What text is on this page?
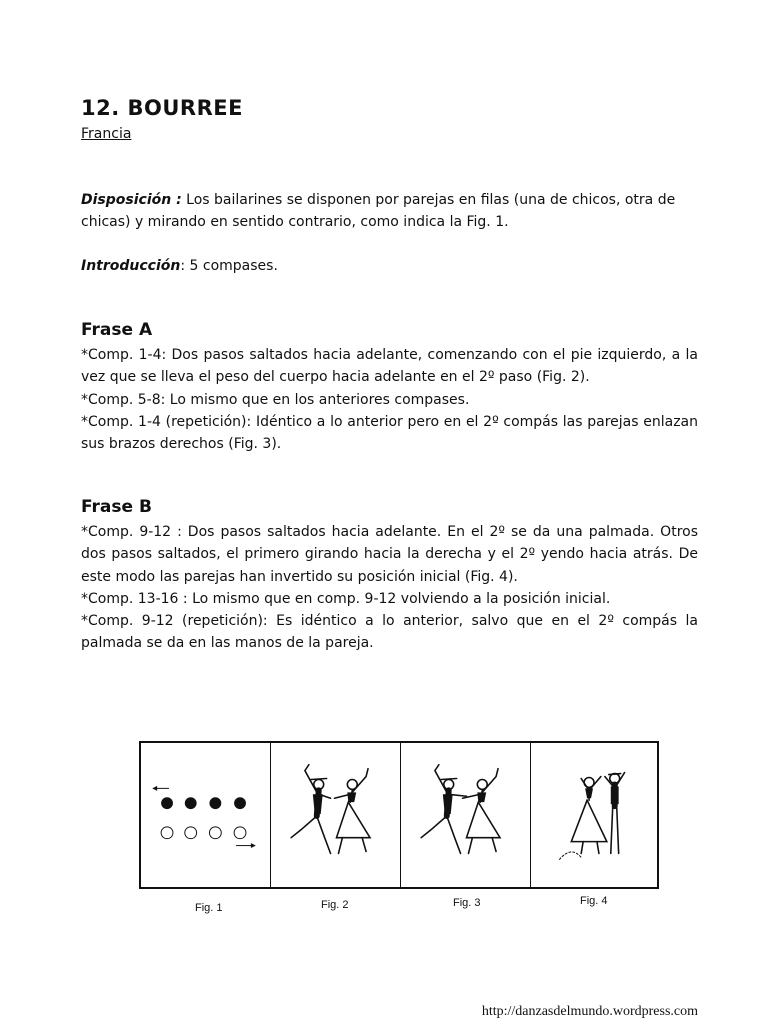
12. BOURREE
Francia

Disposición : Los bailarines se disponen por parejas en filas (una de chicos, otra de chicas) y mirando en sentido contrario, como indica la Fig. 1.

Introducción: 5 compases.

Frase A

*Comp. 1-4: Dos pasos saltados hacia adelante, comenzando con el pie izquierdo, a la vez que se lleva el peso del cuerpo hacia adelante en el 2º paso (Fig. 2).
*Comp. 5-8: Lo mismo que en los anteriores compases.
*Comp. 1-4 (repetición): Idéntico a lo anterior pero en el 2º compás las parejas enlazan sus brazos derechos (Fig. 3).

Frase B

*Comp. 9-12 : Dos pasos saltados hacia adelante. En el 2º se da una palmada. Otros dos pasos saltados, el primero girando hacia la derecha y el 2º yendo hacia atrás. De este modo las parejas han invertido su posición inicial (Fig. 4).
*Comp. 13-16 : Lo mismo que en comp. 9-12 volviendo a la posición inicial.
*Comp. 9-12 (repetición): Es idéntico a lo anterior, salvo que en el 2º compás la palmada se da en las manos de la pareja.

Fig. 1	Fig. 2	Fig. 3	Fig. 4
http://danzasdelmundo.wordpress.com
